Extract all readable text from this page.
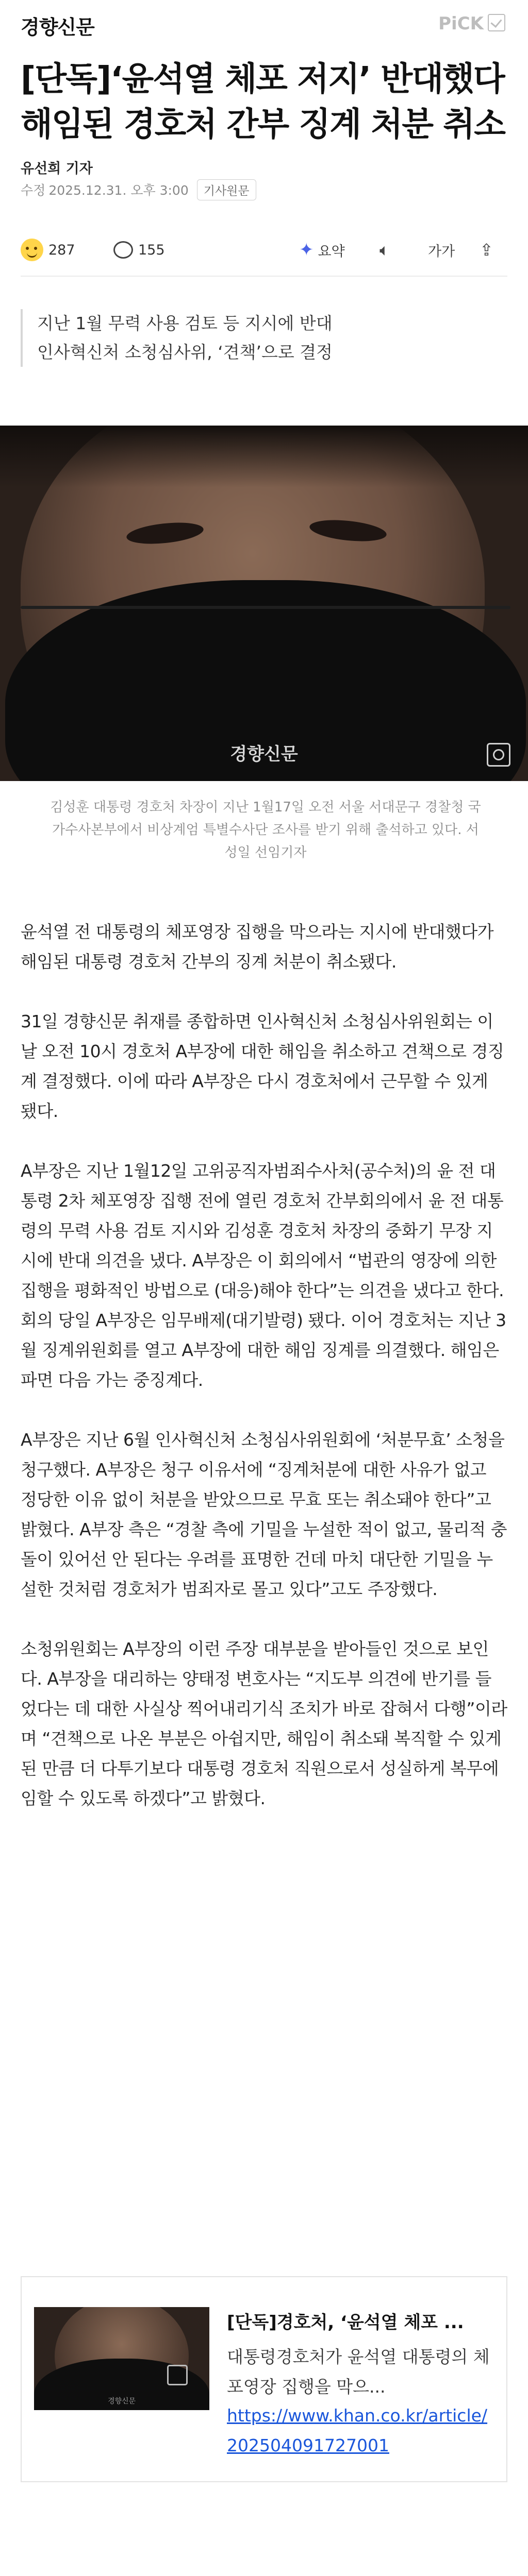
경향신문	PiCK
[단독]‘윤석열 체포 저지’ 반대했다 해임된 경호처 간부 징계 처분 취소
유선희 기자
수정 2025.12.31. 오후 3:00 기사원문
287	155	✦ 요약 🔈︎	가가 ⇪

지난 1월 무력 사용 검토 등 지시에 반대

인사혁신처 소청심사위, ‘견책’으로 결정

경향신문

김성훈 대통령 경호처 차장이 지난 1월17일 오전 서울 서대문구 경찰청 국가수사본부에서 비상계엄 특별수사단 조사를 받기 위해 출석하고 있다. 서성일 선임기자

윤석열 전 대통령의 체포영장 집행을 막으라는 지시에 반대했다가 해임된 대통령 경호처 간부의 징계 처분이 취소됐다.

31일 경향신문 취재를 종합하면 인사혁신처 소청심사위원회는 이날 오전 10시 경호처 A부장에 대한 해임을 취소하고 견책으로 경징계 결정했다. 이에 따라 A부장은 다시 경호처에서 근무할 수 있게 됐다.

A부장은 지난 1월12일 고위공직자범죄수사처(공수처)의 윤 전 대통령 2차 체포영장 집행 전에 열린 경호처 간부회의에서 윤 전 대통령의 무력 사용 검토 지시와 김성훈 경호처 차장의 중화기 무장 지시에 반대 의견을 냈다. A부장은 이 회의에서 “법관의 영장에 의한 집행을 평화적인 방법으로 (대응)해야 한다”는 의견을 냈다고 한다. 회의 당일 A부장은 임무배제(대기발령) 됐다. 이어 경호처는 지난 3월 징계위원회를 열고 A부장에 대한 해임 징계를 의결했다. 해임은 파면 다음 가는 중징계다.

A부장은 지난 6월 인사혁신처 소청심사위원회에 ‘처분무효’ 소청을 청구했다. A부장은 청구 이유서에 “징계처분에 대한 사유가 없고 정당한 이유 없이 처분을 받았으므로 무효 또는 취소돼야 한다”고 밝혔다. A부장 측은 “경찰 측에 기밀을 누설한 적이 없고, 물리적 충돌이 있어선 안 된다는 우려를 표명한 건데 마치 대단한 기밀을 누설한 것처럼 경호처가 범죄자로 몰고 있다”고도 주장했다.

소청위원회는 A부장의 이런 주장 대부분을 받아들인 것으로 보인다. A부장을 대리하는 양태정 변호사는 “지도부 의견에 반기를 들었다는 데 대한 사실상 찍어내리기식 조치가 바로 잡혀서 다행”이라며 “견책으로 나온 부분은 아쉽지만, 해임이 취소돼 복직할 수 있게 된 만큼 더 다투기보다 대통령 경호처 직원으로서 성실하게 복무에 임할 수 있도록 하겠다”고 밝혔다.

경향신문
[단독]경호처, ‘윤석열 체포 ...
대통령경호처가 윤석열 대통령의 체포영장 집행을 막으...
https://www.khan.co.kr/article/202504091727001
